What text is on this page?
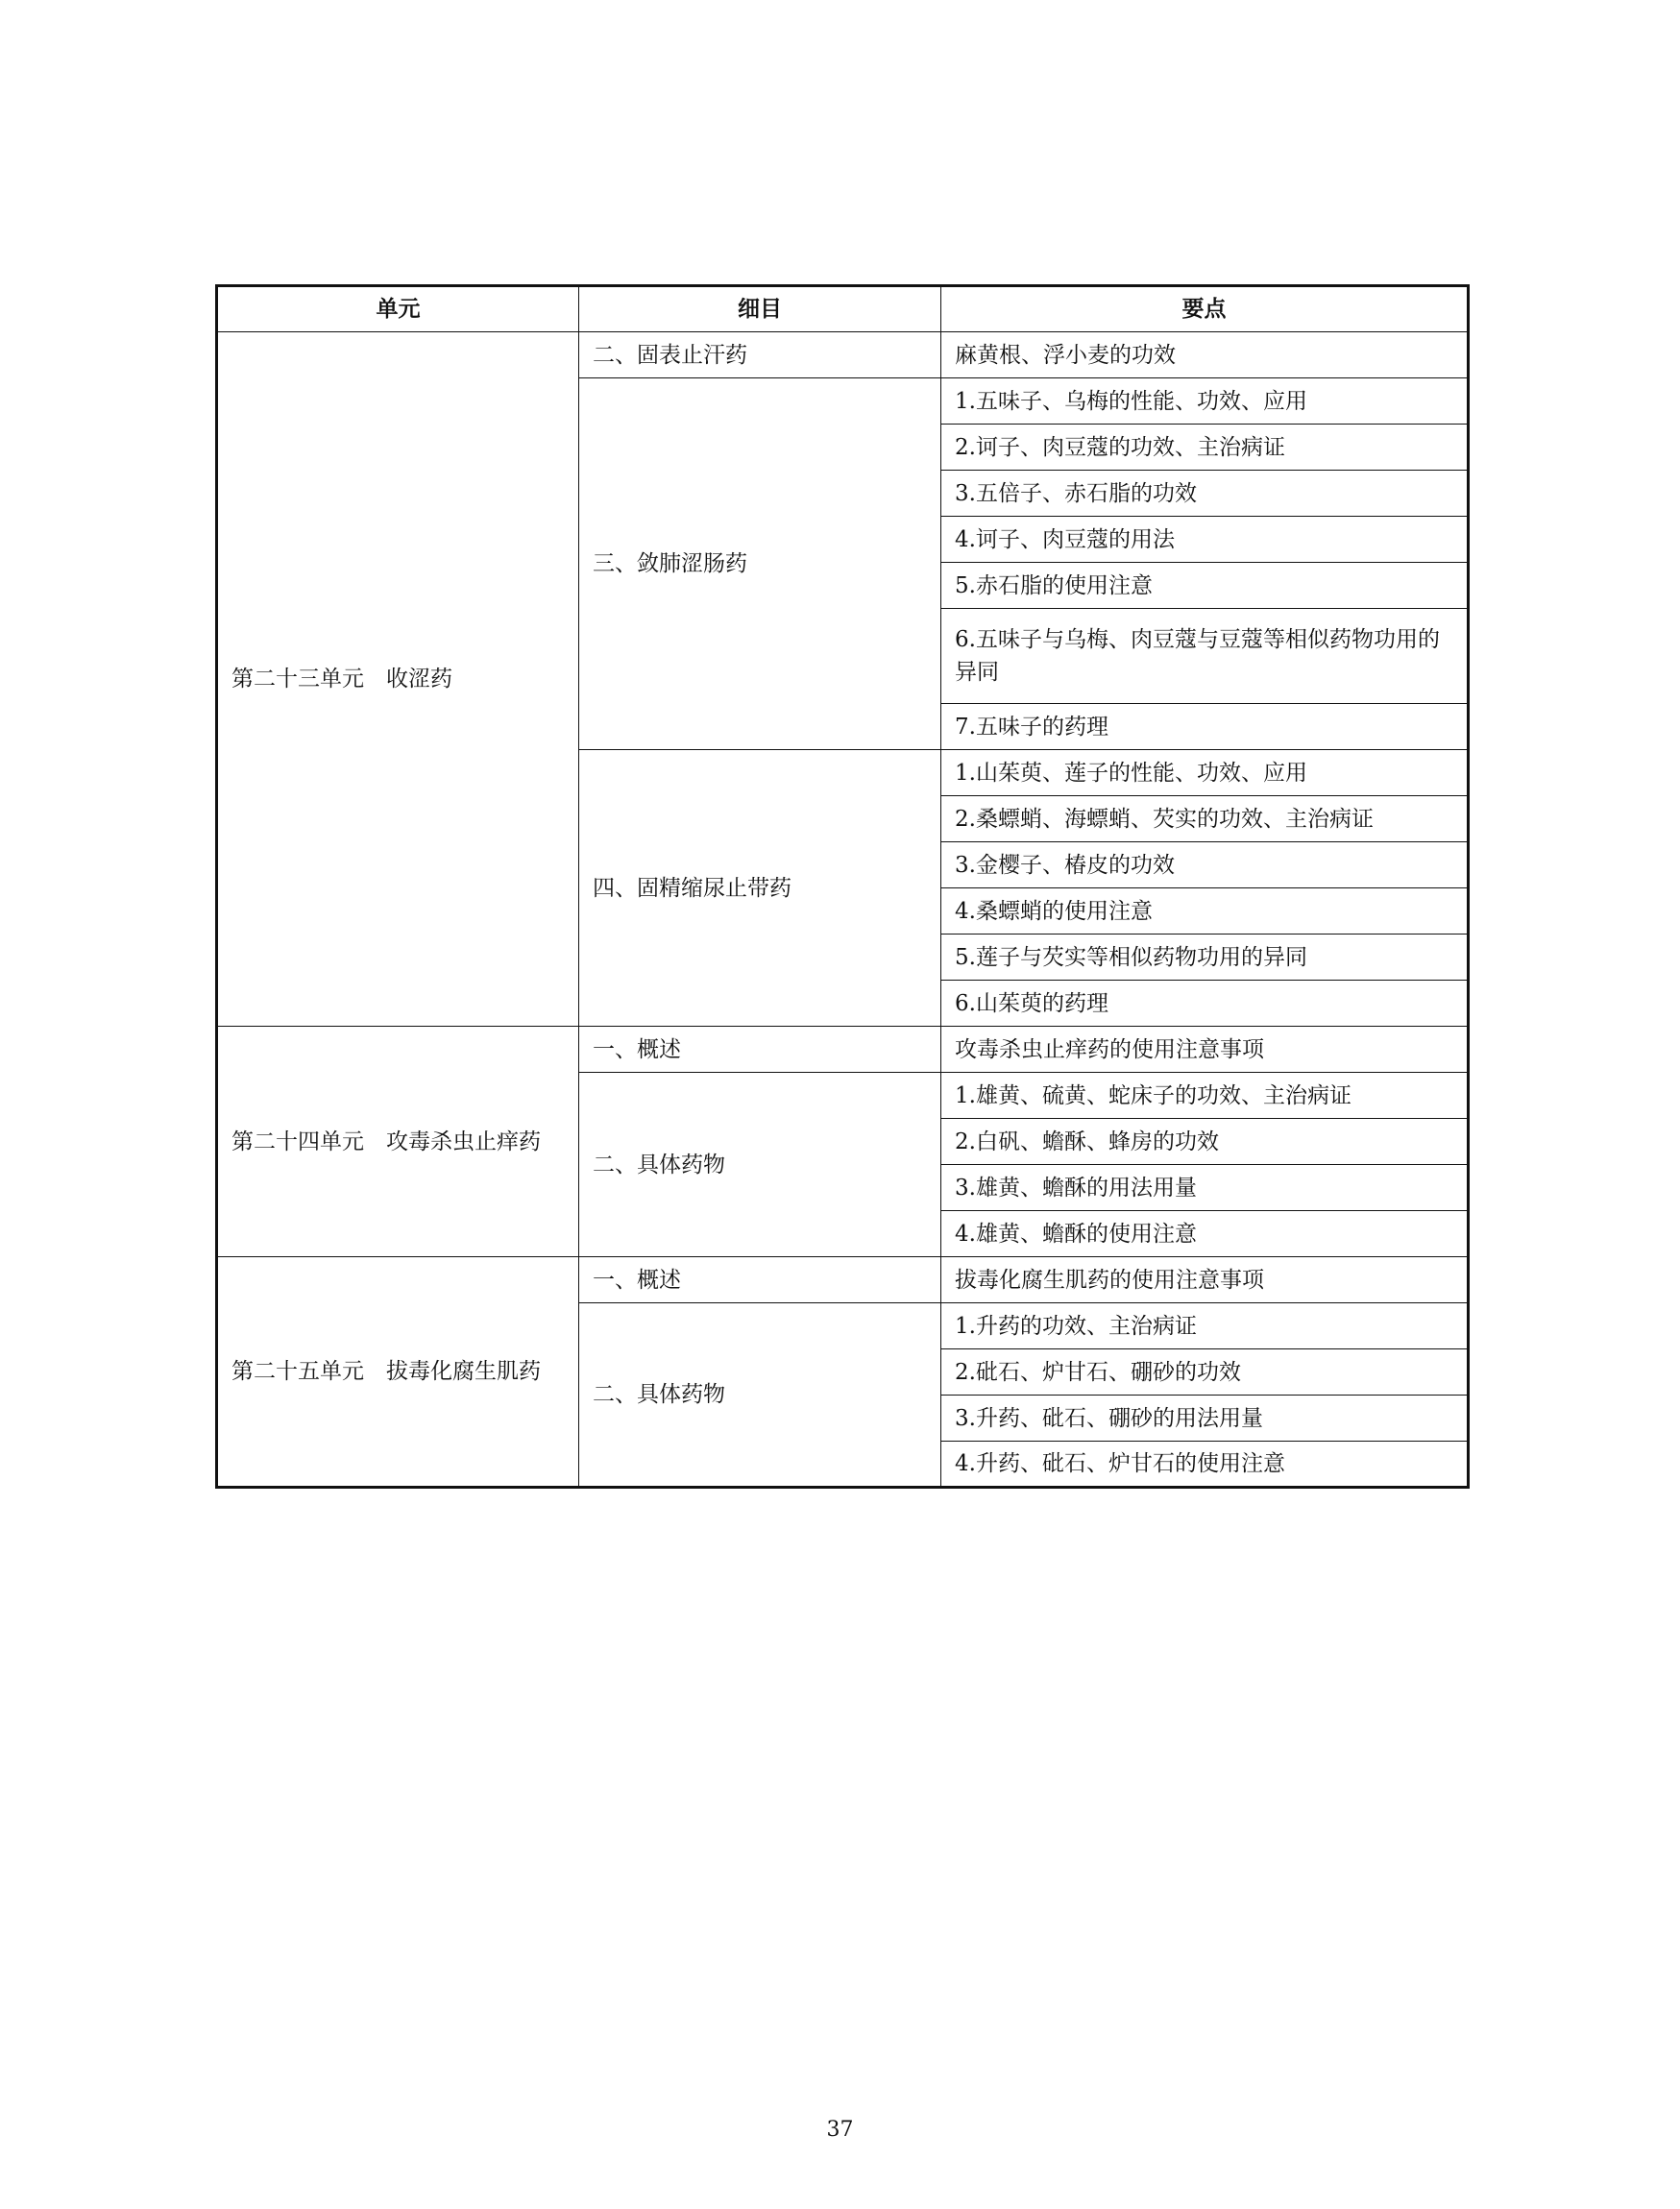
单元	细目	要点
第二十三单元　收涩药	二、固表止汗药	麻黄根、浮小麦的功效
	三、敛肺涩肠药	1.五味子、乌梅的性能、功效、应用
		2.诃子、肉豆蔻的功效、主治病证
		3.五倍子、赤石脂的功效
		4.诃子、肉豆蔻的用法
		5.赤石脂的使用注意
		6.五味子与乌梅、肉豆蔻与豆蔻等相似药物功用的异同
		7.五味子的药理
	四、固精缩尿止带药	1.山茱萸、莲子的性能、功效、应用
		2.桑螵蛸、海螵蛸、芡实的功效、主治病证
		3.金樱子、椿皮的功效
		4.桑螵蛸的使用注意
		5.莲子与芡实等相似药物功用的异同
		6.山茱萸的药理
第二十四单元　攻毒杀虫止痒药	一、概述	攻毒杀虫止痒药的使用注意事项
	二、具体药物	1.雄黄、硫黄、蛇床子的功效、主治病证
		2.白矾、蟾酥、蜂房的功效
		3.雄黄、蟾酥的用法用量
		4.雄黄、蟾酥的使用注意
第二十五单元　拔毒化腐生肌药	一、概述	拔毒化腐生肌药的使用注意事项
	二、具体药物	1.升药的功效、主治病证
		2.砒石、炉甘石、硼砂的功效
		3.升药、砒石、硼砂的用法用量
		4.升药、砒石、炉甘石的使用注意
37
